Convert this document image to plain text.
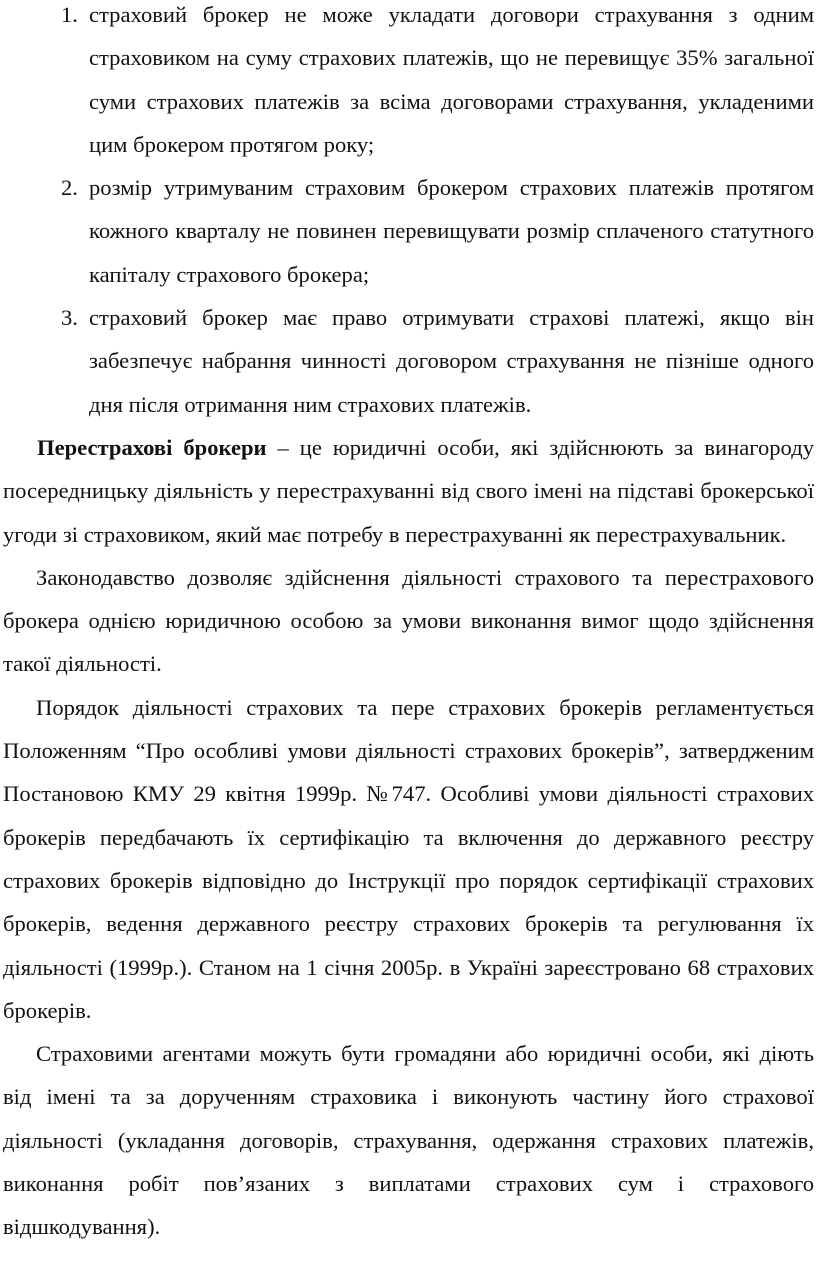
1. страховий брокер не може укладати договори страхування з одним страховиком на суму страхових платежів, що не перевищує 35% загальної суми страхових платежів за всіма договорами страхування, укладеними цим брокером протягом року;
2. розмір утримуваним страховим брокером страхових платежів протягом кожного кварталу не повинен перевищувати розмір сплаченого статутного капіталу страхового брокера;
3. страховий брокер має право отримувати страхові платежі, якщо він забезпечує набрання чинності договором страхування не пізніше одного дня після отримання ним страхових платежів.

Перестрахові брокери – це юридичні особи, які здійснюють за винагороду посередницьку діяльність у перестрахуванні від свого імені на підставі брокерської угоди зі страховиком, який має потребу в перестрахуванні як перестрахувальник.

Законодавство дозволяє здійснення діяльності страхового та перестрахового брокера однією юридичною особою за умови виконання вимог щодо здійснення такої діяльності.

Порядок діяльності страхових та пере страхових брокерів регламентується Положенням “Про особливі умови діяльності страхових брокерів”, затвердженим Постановою КМУ 29 квітня 1999р. №747. Особливі умови діяльності страхових брокерів передбачають їх сертифікацію та включення до державного реєстру страхових брокерів відповідно до Інструкції про порядок сертифікації страхових брокерів, ведення державного реєстру страхових брокерів та регулювання їх діяльності (1999р.). Станом на 1 січня 2005р. в Україні зареєстровано 68 страхових брокерів.

Страховими агентами можуть бути громадяни або юридичні особи, які діють від імені та за дорученням страховика і виконують частину його страхової діяльності (укладання договорів, страхування, одержання страхових платежів, виконання робіт пов’язаних з виплатами страхових сум і страхового відшкодування).
